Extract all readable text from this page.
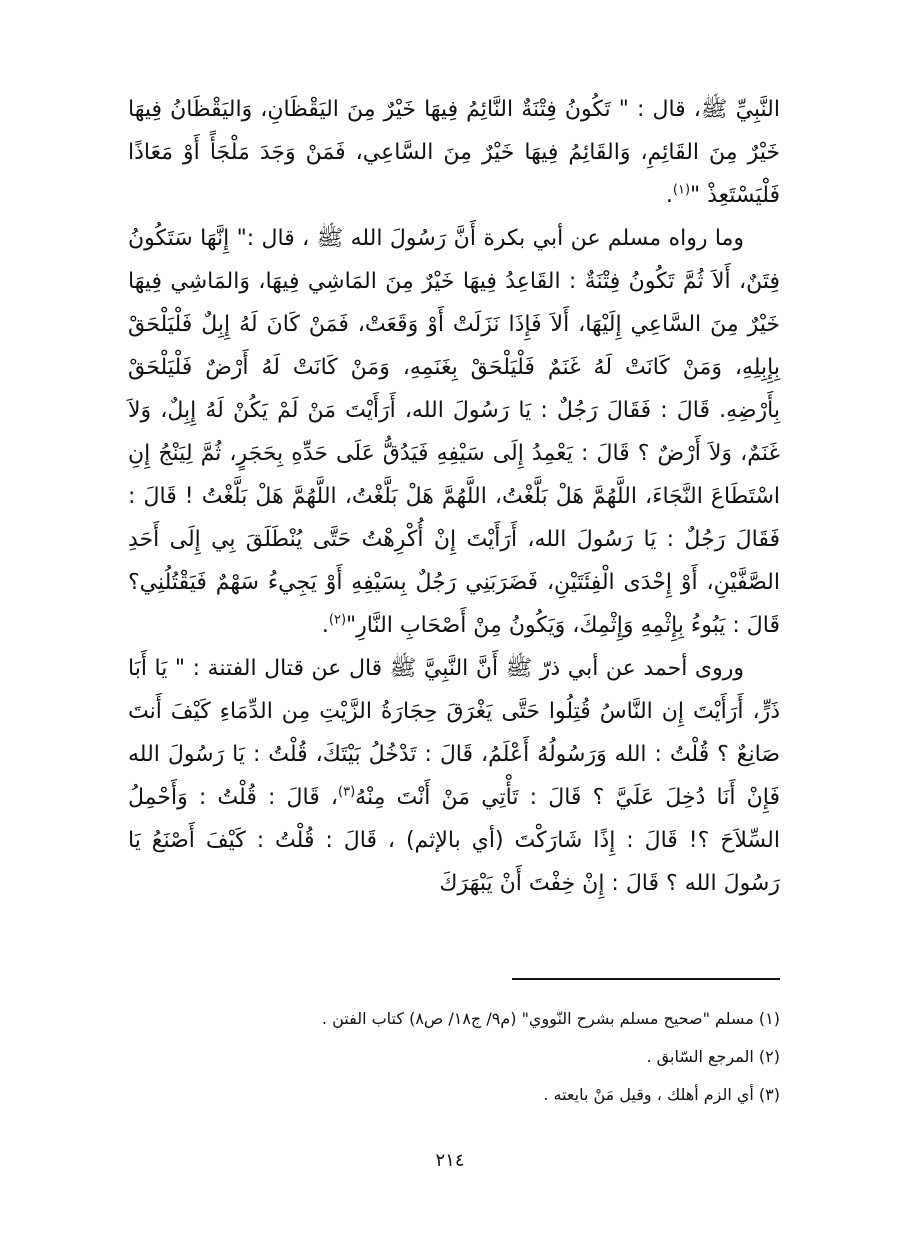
النَّبِيِّ ﷺ، قال : " تَكُونُ فِتْنَةٌ النَّائِمُ فِيهَا خَيْرٌ مِنَ اليَقْظَانِ، وَاليَقْظَانُ فِيهَا خَيْرٌ مِنَ القَائِمِ، وَالقَائِمُ فِيهَا خَيْرٌ مِنَ السَّاعِي، فَمَنْ وَجَدَ مَلْجَأً أَوْ مَعَاذًا فَلْيَسْتَعِذْ "$^{(١)}$.

وما رواه مسلم عن أبي بكرة أَنَّ رَسُولَ الله ﷺ ، قال :" إِنَّهَا سَتَكُونُ فِتَنٌ، أَلاَ ثُمَّ تَكُونُ فِتْنَةٌ : القَاعِدُ فِيهَا خَيْرٌ مِنَ المَاشِي فِيهَا، وَالمَاشِي فِيهَا خَيْرٌ مِنَ السَّاعِي إِلَيْهَا، أَلاَ فَإِذَا نَزَلَتْ أَوْ وَقَعَتْ، فَمَنْ كَانَ لَهُ إِبِلٌ فَلْيَلْحَقْ بِإِبِلِهِ، وَمَنْ كَانَتْ لَهُ غَنَمٌ فَلْيَلْحَقْ بِغَنَمِهِ، وَمَنْ كَانَتْ لَهُ أَرْضٌ فَلْيَلْحَقْ بِأَرْضِهِ. قَالَ : فَقَالَ رَجُلٌ : يَا رَسُولَ الله، أَرَأَيْتَ مَنْ لَمْ يَكُنْ لَهُ إِبِلٌ، وَلاَ غَنَمٌ، وَلاَ أَرْضٌ ؟ قَالَ : يَعْمِدُ إِلَى سَيْفِهِ فَيَدُقُّ عَلَى حَدِّهِ بِحَجَرٍ، ثُمَّ لِيَنْجُ إِنِ اسْتَطَاعَ النَّجَاءَ، اللَّهُمَّ هَلْ بَلَّغْتُ، اللَّهُمَّ هَلْ بَلَّغْتُ، اللَّهُمَّ هَلْ بَلَّغْتُ ! قَالَ : فَقَالَ رَجُلٌ : يَا رَسُولَ الله، أَرَأَيْتَ إِنْ أُكْرِهْتُ حَتَّى يُنْطَلَقَ بِي إِلَى أَحَدِ الصَّفَّيْنِ، أَوْ إِحْدَى الْفِئَتَيْنِ، فَضَرَبَنِي رَجُلٌ بِسَيْفِهِ أَوْ يَجِيءُ سَهْمٌ فَيَقْتُلُنِي؟ قَالَ : يَبُوءُ بِإِثْمِهِ وَإِثْمِكَ، وَيَكُونُ مِنْ أَصْحَابِ النَّارِ"$^{(٢)}$.

وروى أحمد عن أبي ذرّ ﷺ أَنَّ النَّبِيَّ ﷺ قال عن قتال الفتنة : " يَا أَبَا ذَرٍّ، أَرَأَيْتَ إِن النَّاسُ قُتِلُوا حَتَّى يَغْرَقَ حِجَارَةُ الزَّيْتِ مِن الدِّمَاءِ كَيْفَ أَنتَ صَانِعٌ ؟ قُلْتُ : الله وَرَسُولُهُ أَعْلَمُ، قَالَ : تَدْخُلُ بَيْتَكَ، قُلْتُ : يَا رَسُولَ الله فَإِنْ أَنَا دُخِلَ عَلَيَّ ؟ قَالَ : تَأْتِي مَنْ أَنْتَ مِنْهُ$^{(٣)}$، قَالَ : قُلْتُ : وَأَحْمِلُ السِّلاَحَ ؟! قَالَ : إِذًا شَارَكْتَ (أي بالإثم) ، قَالَ : قُلْتُ : كَيْفَ أَصْنَعُ يَا رَسُولَ الله ؟ قَالَ : إِنْ خِفْتَ أَنْ يَبْهَرَكَ

(١) مسلم "صحيح مسلم بشرح النّووي" (م٩/ ج١٨/ ص٨) كتاب الفتن .

(٢) المرجع السّابق .

(٣) أي الزم أهلك ، وقيل مَنْ بايعته .

٢١٤
